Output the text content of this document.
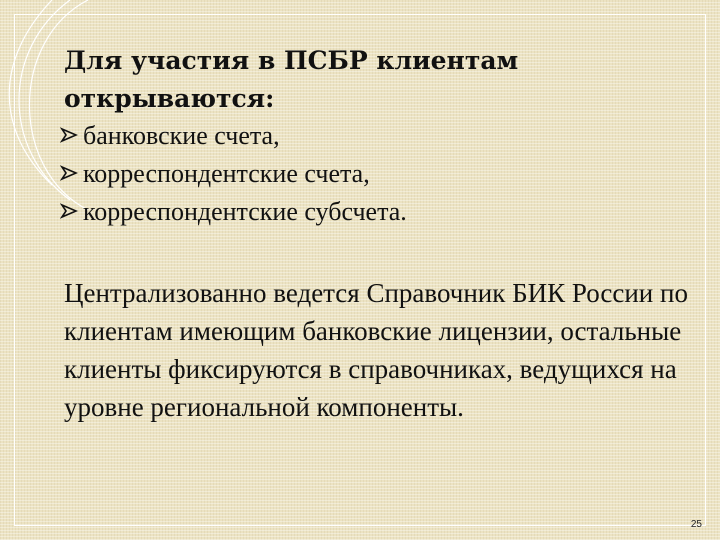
Для участия в ПСБР клиентам открываются:
банковские счета,
корреспондентские счета,
корреспондентские субсчета.

Централизованно ведется Справочник БИК России по клиентам имеющим банковские лицензии, остальные клиенты фиксируются в справочниках, ведущихся на уровне региональной компоненты.

25
